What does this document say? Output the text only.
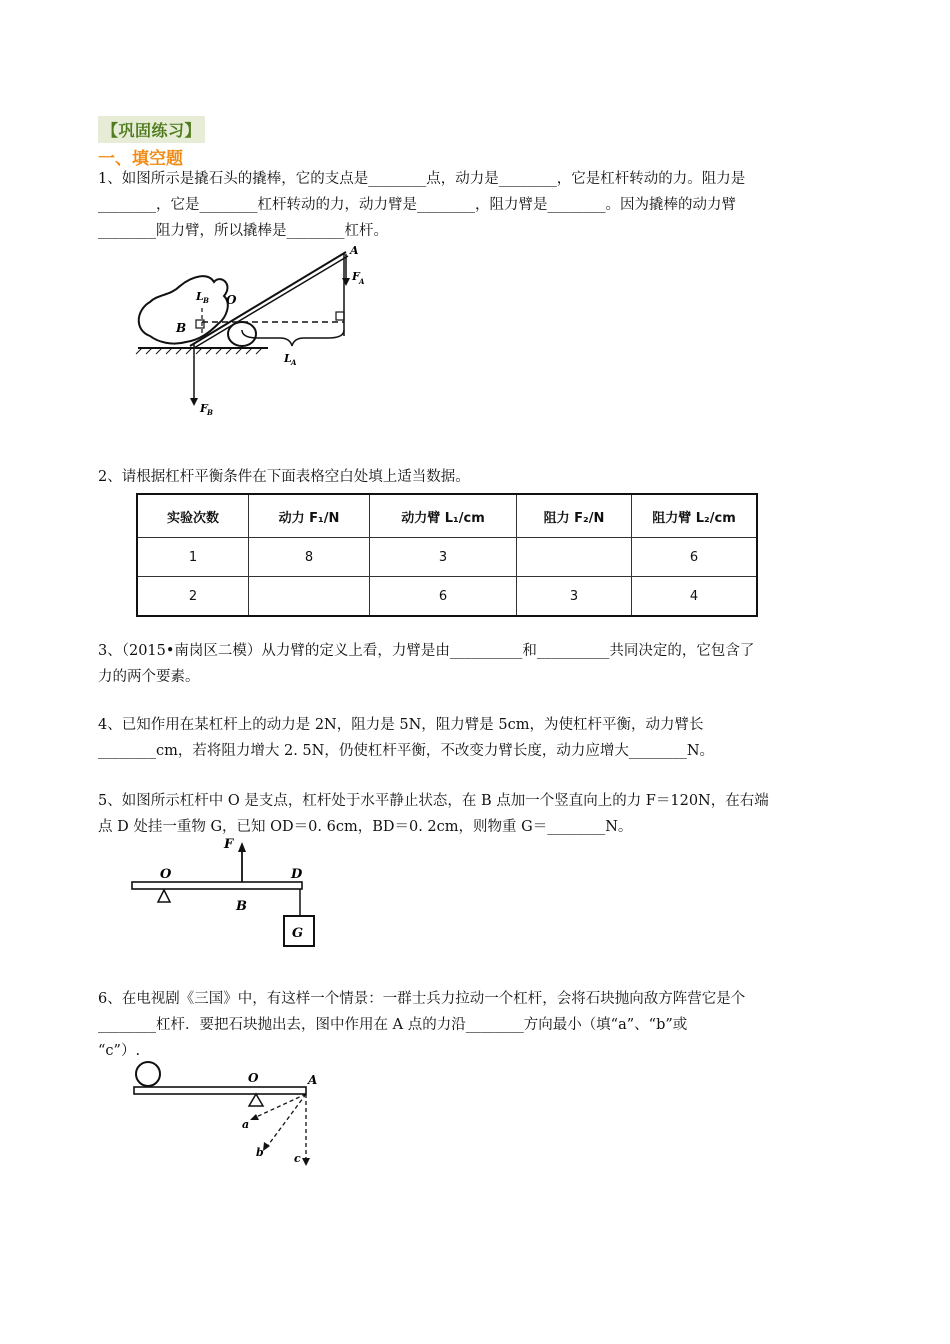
【巩固练习】
一、填空题

1、如图所示是撬石头的撬棒，它的支点是________点，动力是________，它是杠杆转动的力。阻力是

________，它是________杠杆转动的力，动力臂是________，阻力臂是________。因为撬棒的动力臂

________阻力臂，所以撬棒是________杠杆。

A
F A
L B O
B
L A
F B

2、请根据杠杆平衡条件在下面表格空白处填上适当数据。

实验次数	动力 F₁/N	动力臂 L₁/cm	阻力 F₂/N	阻力臂 L₂/cm
1	8	3		6
2		6	3	4

3、（2015•南岗区二模）从力臂的定义上看，力臂是由__________和__________共同决定的，它包含了

力的两个要素。

4、已知作用在某杠杆上的动力是 2N，阻力是 5N，阻力臂是 5cm，为使杠杆平衡，动力臂长

________cm，若将阻力增大 2. 5N，仍使杠杆平衡，不改变力臂长度，动力应增大________N。

5、如图所示杠杆中 O 是支点，杠杆处于水平静止状态，在 B 点加一个竖直向上的力 F＝120N，在右端

点 D 处挂一重物 G，已知 OD＝0. 6cm，BD＝0. 2cm，则物重 G＝________N。

F
O	D
B
G

6、在电视剧《三国》中，有这样一个情景：一群士兵力拉动一个杠杆，会将石块抛向敌方阵营它是个

________杠杆．要把石块抛出去，图中作用在 A 点的力沿________方向最小（填“a”、“b”或

“c”）.

O	A
a
b	c
